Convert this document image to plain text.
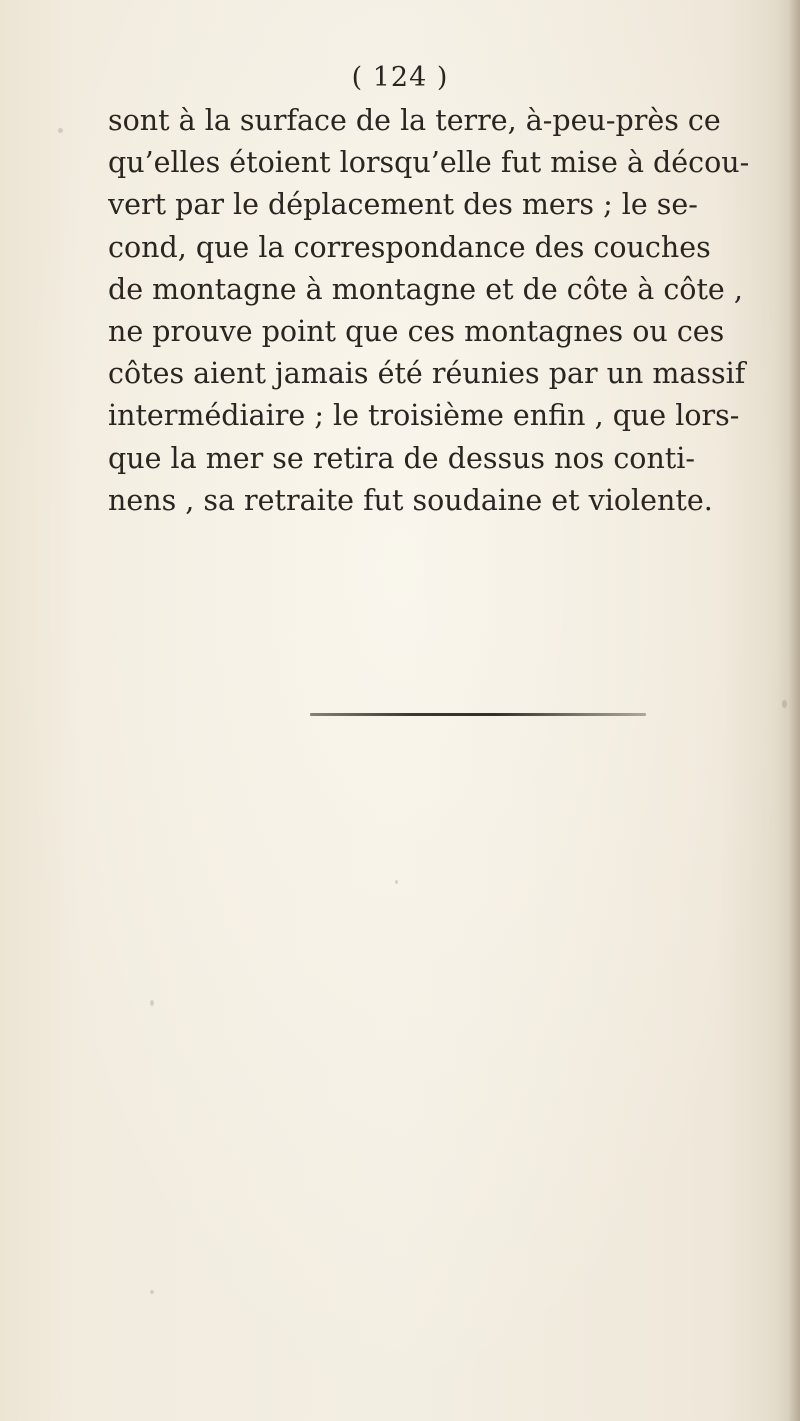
( 124 )
sont à la surface de la terre, à-peu-près ce
qu’elles étoient lorsqu’elle fut mise à décou-
vert par le déplacement des mers ; le se-
cond, que la correspondance des couches
de montagne à montagne et de côte à côte ,
ne prouve point que ces montagnes ou ces
côtes aient jamais été réunies par un massif
intermédiaire ; le troisième enfin , que lors-
que la mer se retira de dessus nos conti-
nens , sa retraite fut soudaine et violente.
